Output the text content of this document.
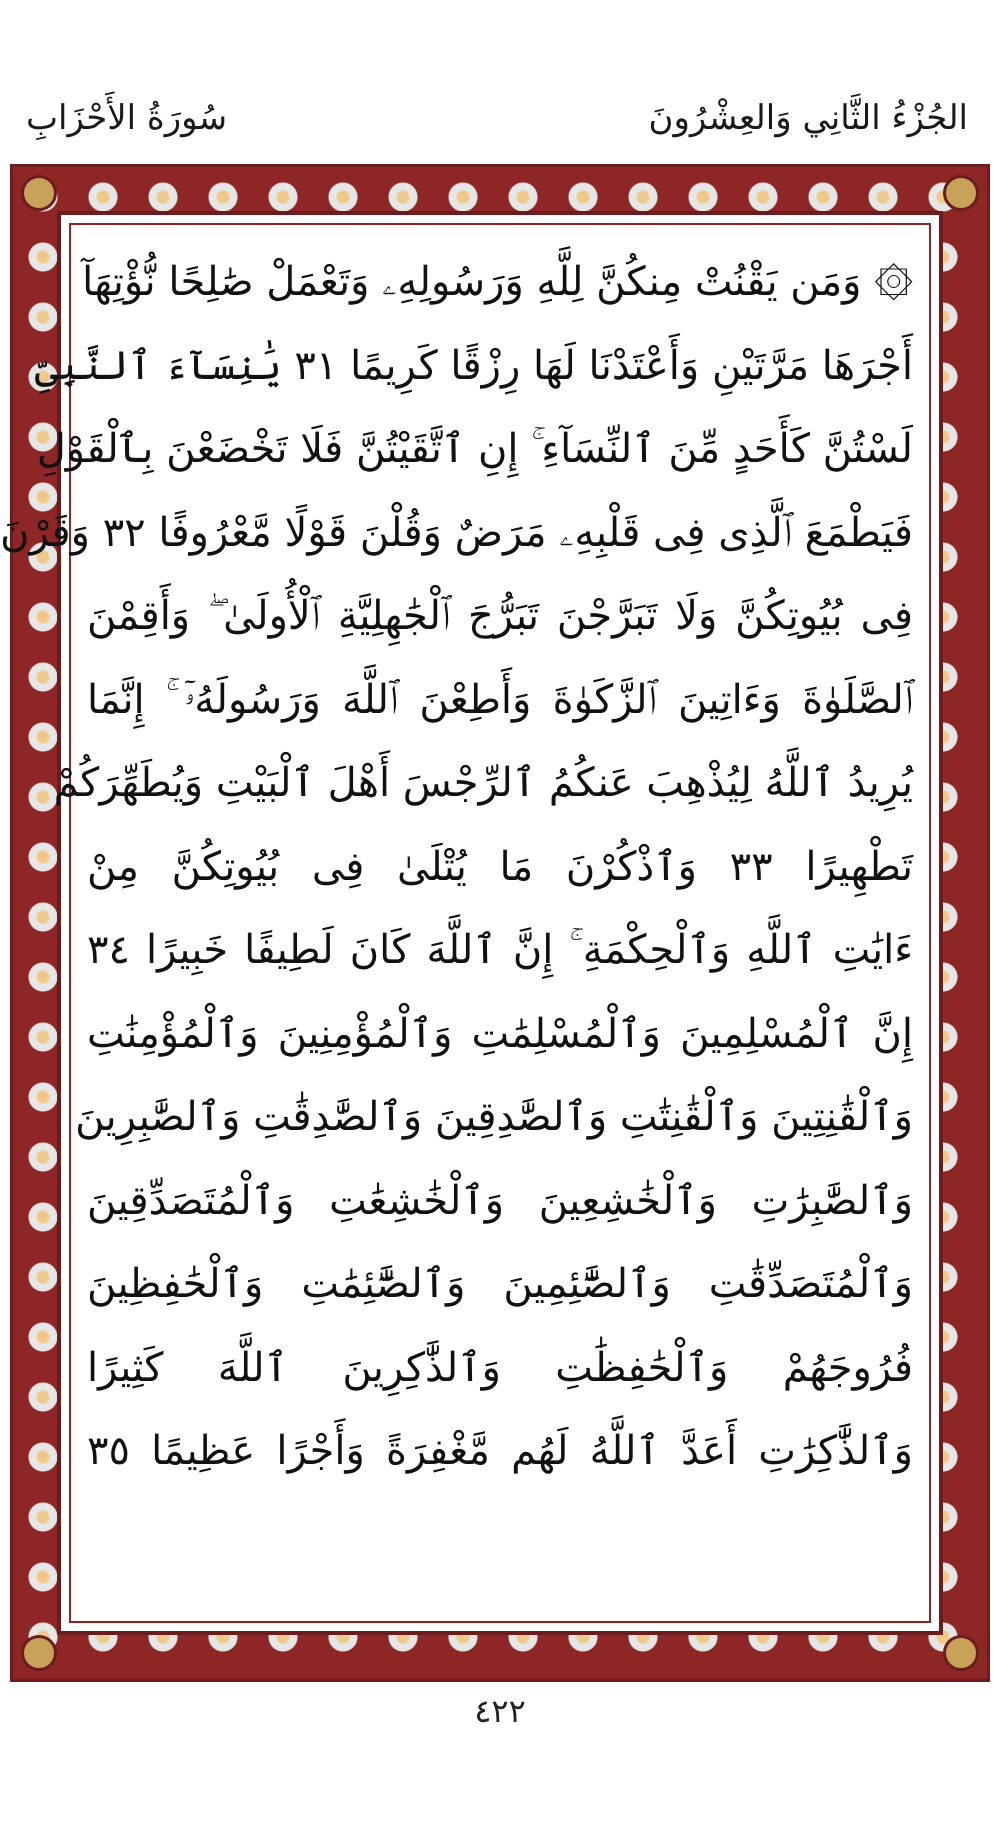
الجُزْءُ الثَّانِي وَالعِشْرُونَ
سُورَةُ الأَحْزَابِ
۞ وَمَن يَقْنُتْ مِنكُنَّ لِلَّهِ وَرَسُولِهِۦ وَتَعْمَلْ صَٰلِحًا نُّؤْتِهَآ
أَجْرَهَا مَرَّتَيْنِ وَأَعْتَدْنَا لَهَا رِزْقًا كَرِيمًا ٣١ يَٰنِسَآءَ ٱلنَّبِىِّ
لَسْتُنَّ كَأَحَدٍ مِّنَ ٱلنِّسَآءِ ۚ إِنِ ٱتَّقَيْتُنَّ فَلَا تَخْضَعْنَ بِٱلْقَوْلِ
فَيَطْمَعَ ٱلَّذِى فِى قَلْبِهِۦ مَرَضٌ وَقُلْنَ قَوْلًا مَّعْرُوفًا ٣٢ وَقَرْنَ
فِى بُيُوتِكُنَّ وَلَا تَبَرَّجْنَ تَبَرُّجَ ٱلْجَٰهِلِيَّةِ ٱلْأُولَىٰ ۖ وَأَقِمْنَ
ٱلصَّلَوٰةَ وَءَاتِينَ ٱلزَّكَوٰةَ وَأَطِعْنَ ٱللَّهَ وَرَسُولَهُۥٓ ۚ إِنَّمَا
يُرِيدُ ٱللَّهُ لِيُذْهِبَ عَنكُمُ ٱلرِّجْسَ أَهْلَ ٱلْبَيْتِ وَيُطَهِّرَكُمْ
تَطْهِيرًا ٣٣ وَٱذْكُرْنَ مَا يُتْلَىٰ فِى بُيُوتِكُنَّ مِنْ
ءَايَٰتِ ٱللَّهِ وَٱلْحِكْمَةِ ۚ إِنَّ ٱللَّهَ كَانَ لَطِيفًا خَبِيرًا ٣٤
إِنَّ ٱلْمُسْلِمِينَ وَٱلْمُسْلِمَٰتِ وَٱلْمُؤْمِنِينَ وَٱلْمُؤْمِنَٰتِ
وَٱلْقَٰنِتِينَ وَٱلْقَٰنِتَٰتِ وَٱلصَّٰدِقِينَ وَٱلصَّٰدِقَٰتِ وَٱلصَّٰبِرِينَ
وَٱلصَّٰبِرَٰتِ وَٱلْخَٰشِعِينَ وَٱلْخَٰشِعَٰتِ وَٱلْمُتَصَدِّقِينَ
وَٱلْمُتَصَدِّقَٰتِ وَٱلصَّٰٓئِمِينَ وَٱلصَّٰٓئِمَٰتِ وَٱلْحَٰفِظِينَ
فُرُوجَهُمْ وَٱلْحَٰفِظَٰتِ وَٱلذَّٰكِرِينَ ٱللَّهَ كَثِيرًا
وَٱلذَّٰكِرَٰتِ أَعَدَّ ٱللَّهُ لَهُم مَّغْفِرَةً وَأَجْرًا عَظِيمًا ٣٥
٤٢٢
